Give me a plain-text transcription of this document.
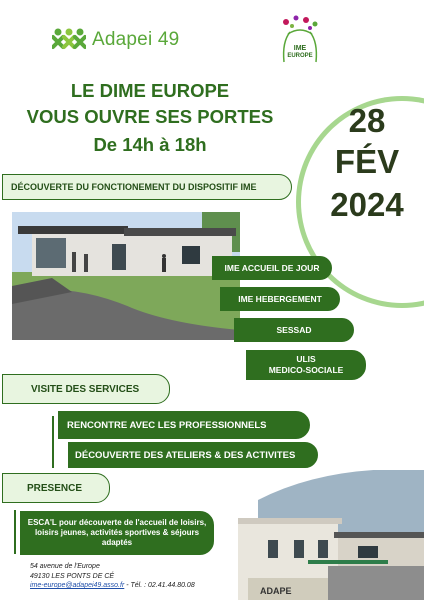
Adapei 49	IME
EUROPE
LE DIME EUROPE
VOUS OUVRE SES PORTES
De 14h à 18h
28
FÉV
2024
DÉCOUVERTE DU FONCTIONEMENT DU DISPOSITIF IME
IME ACCUEIL DE JOUR
IME HEBERGEMENT
SESSAD
ULIS
MEDICO-SOCIALE
VISITE DES SERVICES
RENCONTRE AVEC LES PROFESSIONNELS
DÉCOUVERTE DES ATELIERS & DES ACTIVITES
PRESENCE
ESCA'L pour découverte de l'accueil de loisirs, loisirs jeunes, activités sportives & séjours adaptés
ADAPE
54 avenue de l'Europe
49130 LES PONTS DE CÉ
ime-europe@adapei49.asso.fr - Tél. : 02.41.44.80.08
